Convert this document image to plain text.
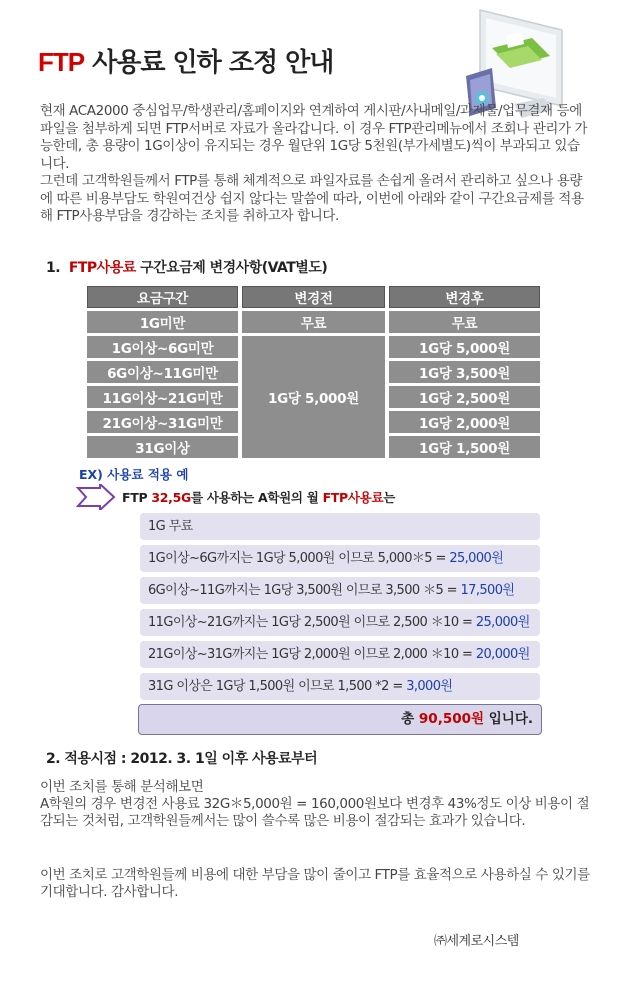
FTP 사용료 인하 조정 안내

현재 ACA2000 중심업무/학생관리/홈페이지와 연계하여 게시판/사내메일/과제물/업무결재 등에 파일을 첨부하게 되면 FTP서버로 자료가 올라갑니다. 이 경우 FTP관리메뉴에서 조회나 관리가 가능한데, 총 용량이 1G이상이 유지되는 경우 월단위 1G당 5천원(부가세별도)씩이 부과되고 있습니다.

그런데 고객학원들께서 FTP를 통해 체계적으로 파일자료를 손쉽게 올려서 관리하고 싶으나 용량에 따른 비용부담도 학원여건상 쉽지 않다는 말씀에 따라, 이번에 아래와 같이 구간요금제를 적용해 FTP사용부담을 경감하는 조치를 취하고자 합니다.

1. FTP사용료 구간요금제 변경사항(VAT별도)
요금구간	변경전	변경후
1G미만	무료	무료
1G이상~6G미만	1G당 5,000원	1G당 5,000원
6G이상~11G미만		1G당 3,500원
11G이상~21G미만		1G당 2,500원
21G이상~31G미만		1G당 2,000원
31G이상		1G당 1,500원
EX) 사용료 적용 예
FTP 32,5G를 사용하는 A학원의 월 FTP사용료는
1G 무료
1G이상~6G까지는 1G당 5,000원 이므로 5,000＊5 = 25,000원
6G이상~11G까지는 1G당 3,500원 이므로 3,500 ＊5 = 17,500원
11G이상~21G까지는 1G당 2,500원 이므로 2,500 ＊10 = 25,000원
21G이상~31G까지는 1G당 2,000원 이므로 2,000 ＊10 = 20,000원
31G 이상은 1G당 1,500원 이므로 1,500 *2 = 3,000원
총 90,500원 입니다.
2. 적용시점 : 2012. 3. 1일 이후 사용료부터

이번 조치를 통해 분석해보면

A학원의 경우 변경전 사용료 32G＊5,000원 = 160,000원보다 변경후 43%정도 이상 비용이 절감되는 것처럼, 고객학원들께서는 많이 쓸수록 많은 비용이 절감되는 효과가 있습니다.

이번 조치로 고객학원들께 비용에 대한 부담을 많이 줄이고 FTP를 효율적으로 사용하실 수 있기를 기대합니다. 감사합니다.

㈜세계로시스템
